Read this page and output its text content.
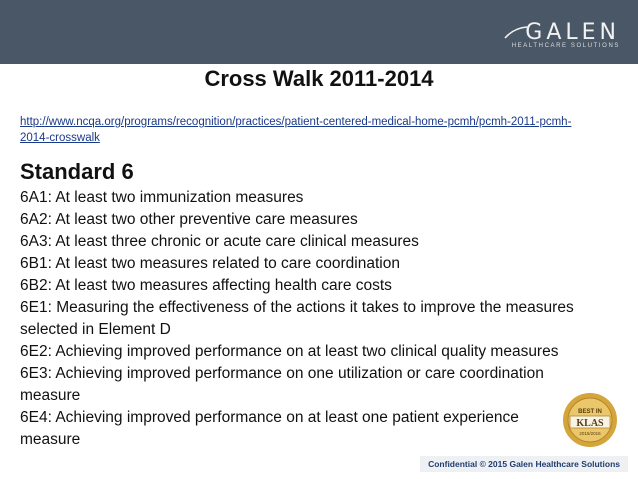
GALEN
HEALTHCARE SOLUTIONS
Cross Walk 2011-2014
http://www.ncqa.org/programs/recognition/practices/patient-centered-medical-home-pcmh/pcmh-2011-pcmh-2014-crosswalk
Standard 6

6A1: At least two immunization measures

6A2: At least two other preventive care measures

6A3: At least three chronic or acute care clinical measures

6B1: At least two measures related to care coordination

6B2: At least two measures affecting health care costs

6E1: Measuring the effectiveness of the actions it takes to improve the measures selected in Element D

6E2: Achieving improved performance on at least two clinical quality measures

6E3: Achieving improved performance on one utilization or care coordination measure

6E4: Achieving improved performance on at least one patient experience measure

BEST IN
KLAS
2015/2016
Confidential © 2015 Galen Healthcare Solutions
